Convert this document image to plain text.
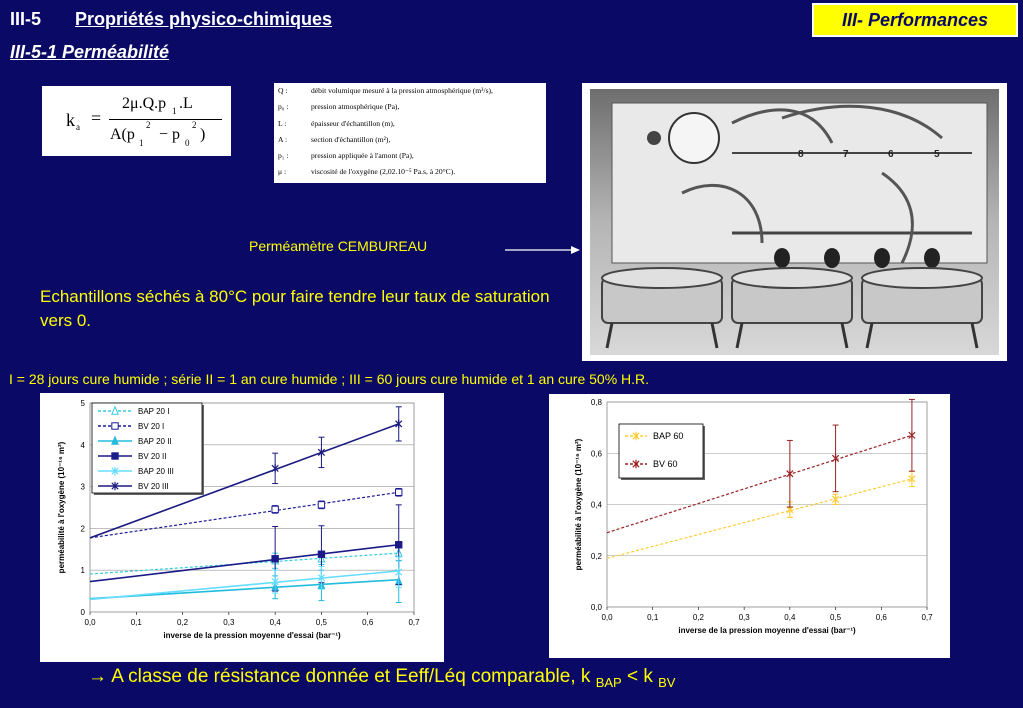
III-5 Propriétés physico-chimiques
III-5-1 Perméabilité
III- Performances
k a =
2μ.Q.p 1 .L
A(p 1
2
− p 0
2
)
Q :	débit volumique mesuré à la pression atmosphérique (m³/s),
p₀ :	pression atmosphérique (Pa),
L :	épaisseur d'échantillon (m),
A :	section d'échantillon (m²),
p₁ :	pression appliquée à l'amont (Pa),
μ :	viscosité de l'oxygène (2,02.10⁻⁵ Pa.s, à 20°C).
8	7	6	5
Perméamètre CEMBUREAU
Echantillons séchés à 80°C pour faire tendre leur taux de saturation vers 0.
I = 28 jours cure humide ; série II = 1 an cure humide ; III = 60 jours cure humide et 1 an cure 50% H.R.
0
1
2
3
4
5
0,0	0,1	0,2	0,3	0,4	0,5	0,6	0,7
inverse de la pression moyenne d'essai (bar⁻¹)
perméabilité à l'oxygène (10⁻¹⁶ m²)
BAP 20 I
BV 20 I
BAP 20 II
BV 20 II
BAP 20 III
BV 20 III
0,0
0,2
0,4
0,6
0,8
0,0	0,1	0,2	0,3	0,4	0,5	0,6	0,7
inverse de la pression moyenne d'essai (bar⁻¹)
perméabilité à l'oxygène (10⁻¹⁶ m²)
BAP 60
BV 60
→ A classe de résistance donnée et Eeff/Léq comparable, k $_{BAP}$ < k $_{BV}$
